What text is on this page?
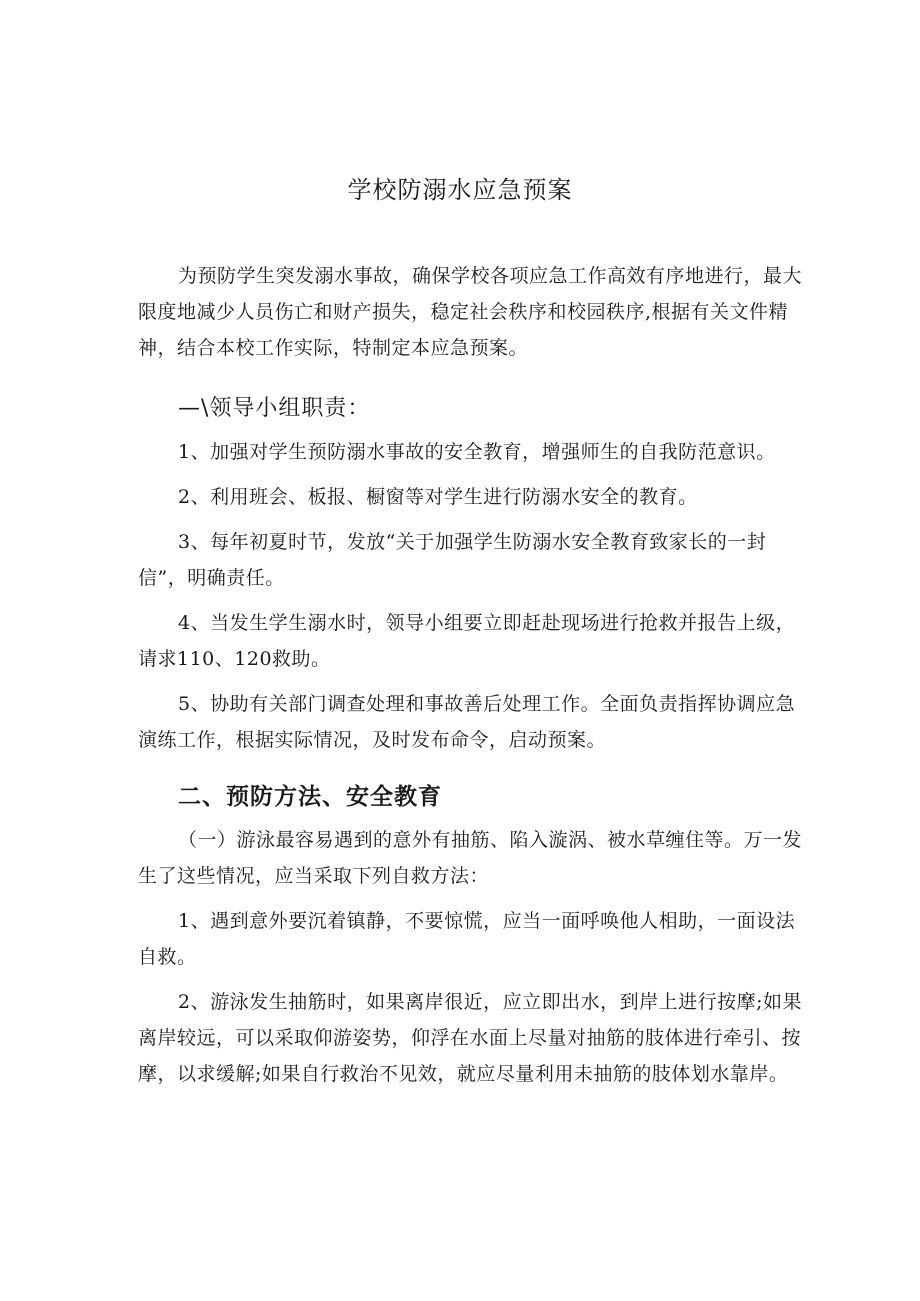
学校防溺水应急预案

为预防学生突发溺水事故，确保学校各项应急工作高效有序地进行，最大限度地减少人员伤亡和财产损失，稳定社会秩序和校园秩序,根据有关文件精神，结合本校工作实际，特制定本应急预案。

—\领导小组职责：

1、加强对学生预防溺水事故的安全教育，增强师生的自我防范意识。

2、利用班会、板报、橱窗等对学生进行防溺水安全的教育。

3、每年初夏时节，发放“关于加强学生防溺水安全教育致家长的一封信”，明确责任。

4、当发生学生溺水时，领导小组要立即赶赴现场进行抢救并报告上级，请求110、120救助。

5、协助有关部门调查处理和事故善后处理工作。全面负责指挥协调应急演练工作，根据实际情况，及时发布命令，启动预案。

二、预防方法、安全教育

（一）游泳最容易遇到的意外有抽筋、陷入漩涡、被水草缠住等。万一发生了这些情况，应当采取下列自救方法：

1、遇到意外要沉着镇静，不要惊慌，应当一面呼唤他人相助，一面设法自救。

2、游泳发生抽筋时，如果离岸很近，应立即出水，到岸上进行按摩;如果离岸较远，可以采取仰游姿势，仰浮在水面上尽量对抽筋的肢体进行牵引、按摩，以求缓解;如果自行救治不见效，就应尽量利用未抽筋的肢体划水靠岸。
